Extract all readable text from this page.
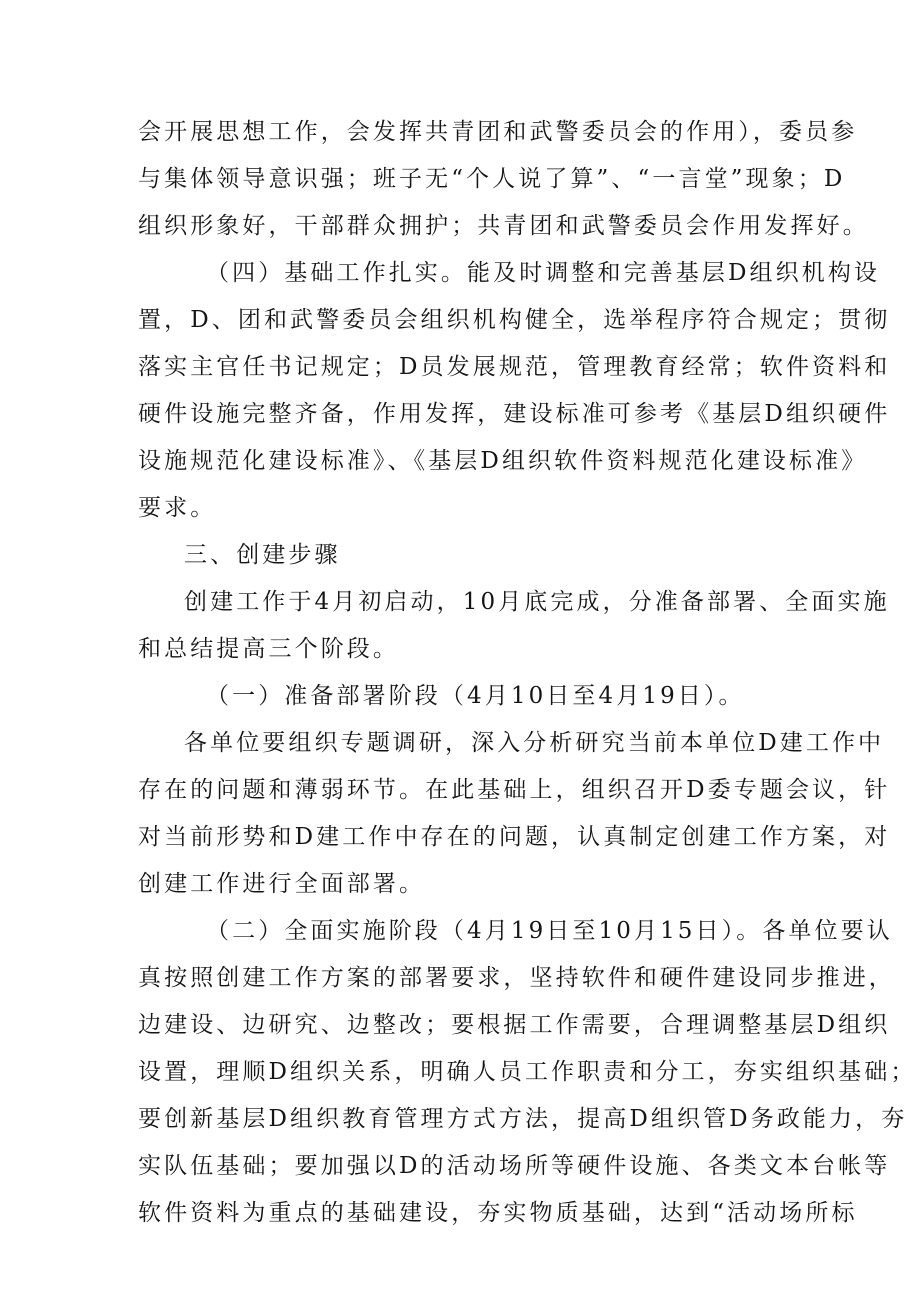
会开展思想工作，会发挥共青团和武警委员会的作用），委员参
与集体领导意识强；班子无“个人说了算”、“一言堂”现象；D
组织形象好，干部群众拥护；共青团和武警委员会作用发挥好。
（四）基础工作扎实。能及时调整和完善基层D组织机构设
置，D、团和武警委员会组织机构健全，选举程序符合规定；贯彻
落实主官任书记规定；D员发展规范，管理教育经常；软件资料和
硬件设施完整齐备，作用发挥，建设标准可参考《基层D组织硬件
设施规范化建设标准》、《基层D组织软件资料规范化建设标准》
要求。
三、创建步骤
创建工作于4月初启动，10月底完成，分准备部署、全面实施
和总结提高三个阶段。
（一）准备部署阶段（4月10日至4月19日）。
各单位要组织专题调研，深入分析研究当前本单位D建工作中
存在的问题和薄弱环节。在此基础上，组织召开D委专题会议，针
对当前形势和D建工作中存在的问题，认真制定创建工作方案，对
创建工作进行全面部署。
（二）全面实施阶段（4月19日至10月15日）。各单位要认
真按照创建工作方案的部署要求，坚持软件和硬件建设同步推进，
边建设、边研究、边整改；要根据工作需要，合理调整基层D组织
设置，理顺D组织关系，明确人员工作职责和分工，夯实组织基础；
要创新基层D组织教育管理方式方法，提高D组织管D务政能力，夯
实队伍基础；要加强以D的活动场所等硬件设施、各类文本台帐等
软件资料为重点的基础建设，夯实物质基础，达到“活动场所标
